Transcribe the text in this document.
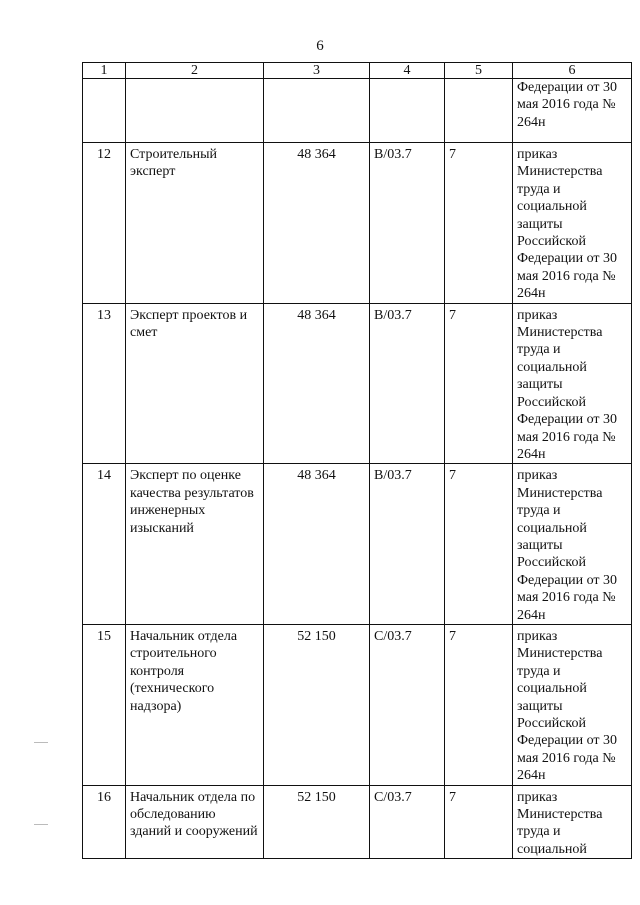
6
1	2	3	4	5	6
					Федерации от 30 мая 2016 года № 264н
12	Строительный эксперт	48 364	B/03.7	7	приказ Министерства труда и социальной защиты Российской Федерации от 30 мая 2016 года № 264н
13	Эксперт проектов и смет	48 364	B/03.7	7	приказ Министерства труда и социальной защиты Российской Федерации от 30 мая 2016 года № 264н
14	Эксперт по оценке качества результатов инженерных изысканий	48 364	B/03.7	7	приказ Министерства труда и социальной защиты Российской Федерации от 30 мая 2016 года № 264н
15	Начальник отдела строительного контроля (технического надзора)	52 150	C/03.7	7	приказ Министерства труда и социальной защиты Российской Федерации от 30 мая 2016 года № 264н
16	Начальник отдела по обследованию зданий и сооружений	52 150	C/03.7	7	приказ Министерства труда и социальной
